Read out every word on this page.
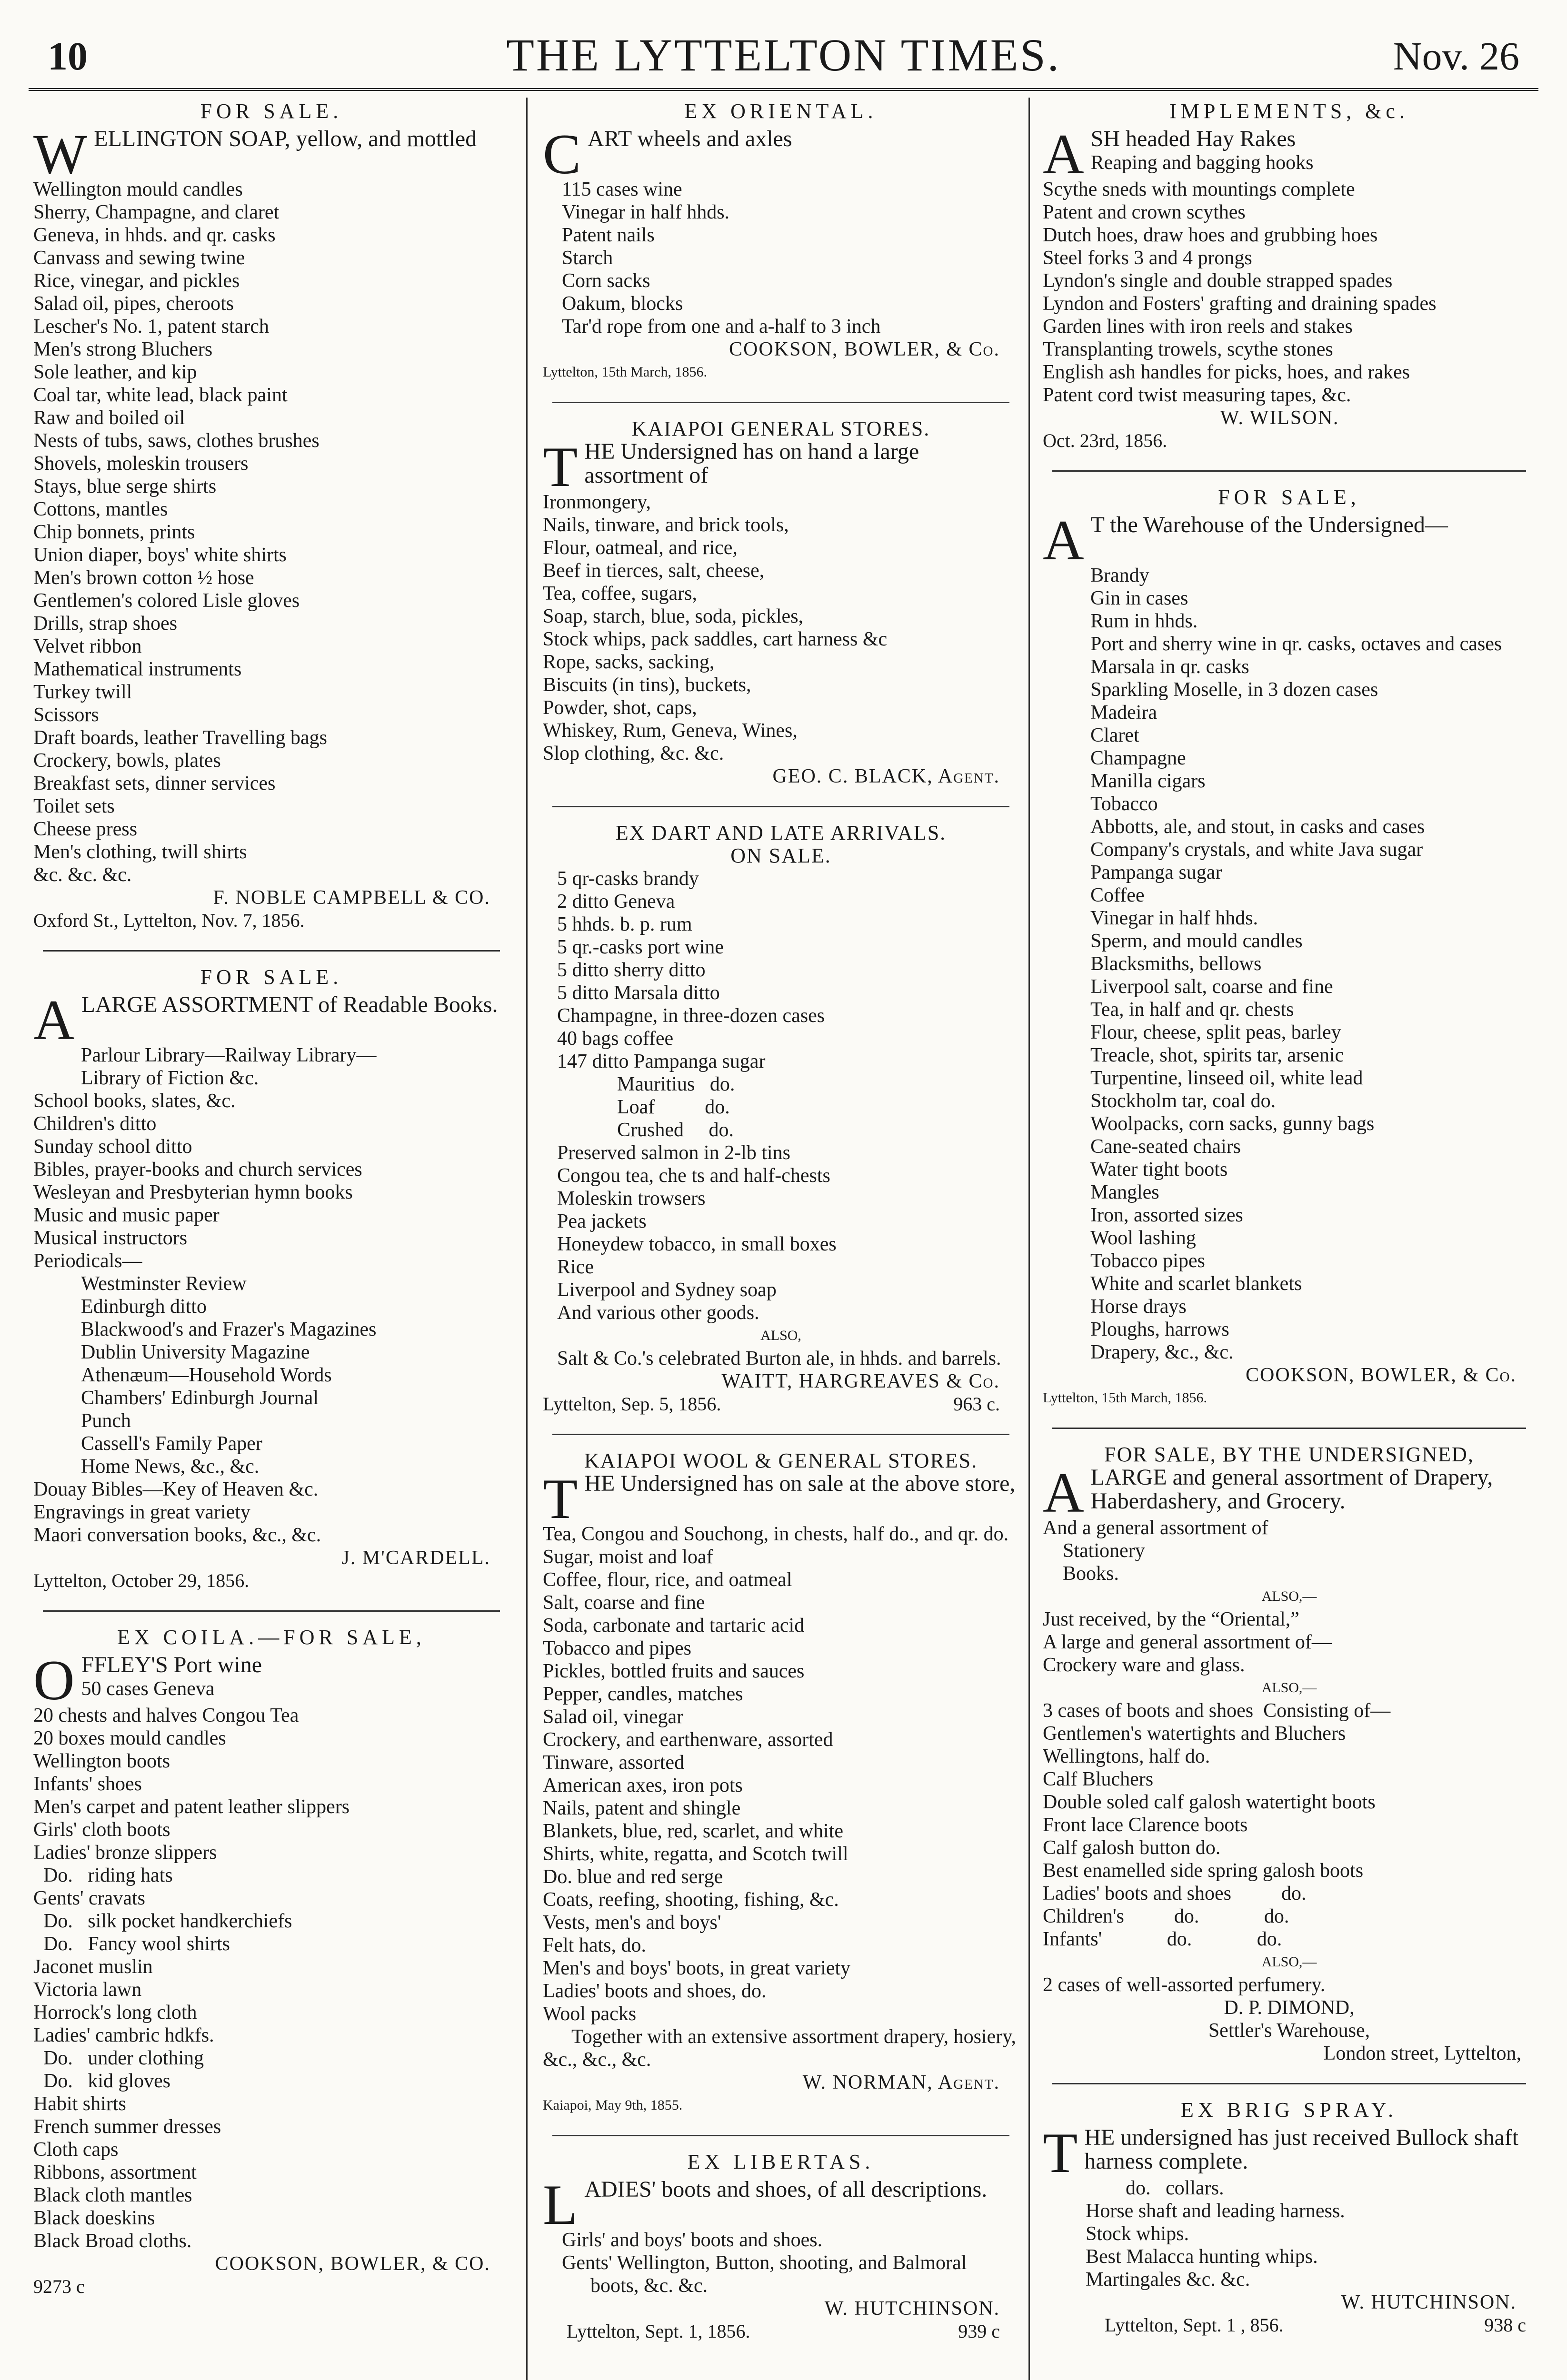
10	THE LYTTELTON TIMES.	Nov. 26
FOR SALE.
W ELLINGTON SOAP, yellow, and mottled
Wellington mould candles
Sherry, Champagne, and claret
Geneva, in hhds. and qr. casks
Canvass and sewing twine
Rice, vinegar, and pickles
Salad oil, pipes, cheroots
Lescher's No. 1, patent starch
Men's strong Bluchers
Sole leather, and kip
Coal tar, white lead, black paint
Raw and boiled oil
Nests of tubs, saws, clothes brushes
Shovels, moleskin trousers
Stays, blue serge shirts
Cottons, mantles
Chip bonnets, prints
Union diaper, boys' white shirts
Men's brown cotton ½ hose
Gentlemen's colored Lisle gloves
Drills, strap shoes
Velvet ribbon
Mathematical instruments
Turkey twill
Scissors
Draft boards, leather Travelling bags
Crockery, bowls, plates
Breakfast sets, dinner services
Toilet sets
Cheese press
Men's clothing, twill shirts
&c. &c. &c.

F. NOBLE CAMPBELL & CO.

Oxford St., Lyttelton, Nov. 7, 1856.

FOR SALE.
A LARGE ASSORTMENT of Readable Books.

Parlour Library—Railway Library—

Library of Fiction &c.

School books, slates, &c.
Children's ditto
Sunday school ditto
Bibles, prayer-books and church services
Wesleyan and Presbyterian hymn books
Music and music paper
Musical instructors
Periodicals—
Westminster Review
Edinburgh ditto
Blackwood's and Frazer's Magazines
Dublin University Magazine
Athenæum—Household Words
Chambers' Edinburgh Journal
Punch
Cassell's Family Paper
Home News, &c., &c.
Douay Bibles—Key of Heaven &c.
Engravings in great variety
Maori conversation books, &c., &c.

J. M'CARDELL.

Lyttelton, October 29, 1856.

EX COILA.—FOR SALE,
O FFLEY'S Port wine

50 cases Geneva

20 chests and halves Congou Tea
20 boxes mould candles
Wellington boots
Infants' shoes
Men's carpet and patent leather slippers
Girls' cloth boots
Ladies' bronze slippers
Do.   riding hats
Gents' cravats
Do.   silk pocket handkerchiefs
Do.   Fancy wool shirts
Jaconet muslin
Victoria lawn
Horrock's long cloth
Ladies' cambric hdkfs.
Do.   under clothing
Do.   kid gloves
Habit shirts
French summer dresses
Cloth caps
Ribbons, assortment
Black cloth mantles
Black doeskins
Black Broad cloths.

COOKSON, BOWLER, & CO.

9273 c

EX ORIENTAL.
C ART wheels and axles
115 cases wine
Vinegar in half hhds.
Patent nails
Starch
Corn sacks
Oakum, blocks
Tar'd rope from one and a-half to 3 inch

COOKSON, BOWLER, & Co.

Lyttelton, 15th March, 1856.

KAIAPOI GENERAL STORES.
T HE Undersigned has on hand a large assortment of
Ironmongery,
Nails, tinware, and brick tools,
Flour, oatmeal, and rice,
Beef in tierces, salt, cheese,
Tea, coffee, sugars,
Soap, starch, blue, soda, pickles,
Stock whips, pack saddles, cart harness &c
Rope, sacks, sacking,
Biscuits (in tins), buckets,
Powder, shot, caps,
Whiskey, Rum, Geneva, Wines,
Slop clothing, &c. &c.

GEO. C. BLACK, Agent.

EX DART AND LATE ARRIVALS.
ON SALE.
5 qr-casks brandy
2 ditto Geneva
5 hhds. b. p. rum
5 qr.-casks port wine
5 ditto sherry ditto
5 ditto Marsala ditto
Champagne, in three-dozen cases
40 bags coffee
147 ditto Pampanga sugar
Mauritius   do.
Loaf          do.
Crushed     do.
Preserved salmon in 2-lb tins
Congou tea, che ts and half-chests
Moleskin trowsers
Pea jackets
Honeydew tobacco, in small boxes
Rice
Liverpool and Sydney soap
And various other goods.

ALSO,

Salt & Co.'s celebrated Burton ale, in hhds. and barrels.

WAITT, HARGREAVES & Co.

Lyttelton, Sep. 5, 1856.	963 c.
KAIAPOI WOOL & GENERAL STORES.
T HE Undersigned has on sale at the above store,
Tea, Congou and Souchong, in chests, half do., and qr. do.
Sugar, moist and loaf
Coffee, flour, rice, and oatmeal
Salt, coarse and fine
Soda, carbonate and tartaric acid
Tobacco and pipes
Pickles, bottled fruits and sauces
Pepper, candles, matches
Salad oil, vinegar
Crockery, and earthenware, assorted
Tinware, assorted
American axes, iron pots
Nails, patent and shingle
Blankets, blue, red, scarlet, and white
Shirts, white, regatta, and Scotch twill
Do. blue and red serge
Coats, reefing, shooting, fishing, &c.
Vests, men's and boys'
Felt hats, do.
Men's and boys' boots, in great variety
Ladies' boots and shoes, do.
Wool packs

Together with an extensive assortment drapery, hosiery, &c., &c., &c.

W. NORMAN, Agent.

Kaiapoi, May 9th, 1855.

EX LIBERTAS.
L ADIES' boots and shoes, of all descriptions.
Girls' and boys' boots and shoes.
Gents' Wellington, Button, shooting, and Balmoral boots, &c. &c.

W. HUTCHINSON.

Lyttelton, Sept. 1, 1856.	939 c
IMPLEMENTS, &c.
A SH headed Hay Rakes

Reaping and bagging hooks

Scythe sneds with mountings complete
Patent and crown scythes
Dutch hoes, draw hoes and grubbing hoes
Steel forks 3 and 4 prongs
Lyndon's single and double strapped spades
Lyndon and Fosters' grafting and draining spades
Garden lines with iron reels and stakes
Transplanting trowels, scythe stones
English ash handles for picks, hoes, and rakes
Patent cord twist measuring tapes, &c.

W. WILSON.

Oct. 23rd, 1856.

FOR SALE,
A T the Warehouse of the Undersigned—
Brandy
Gin in cases
Rum in hhds.
Port and sherry wine in qr. casks, octaves and cases
Marsala in qr. casks
Sparkling Moselle, in 3 dozen cases
Madeira
Claret
Champagne
Manilla cigars
Tobacco
Abbotts, ale, and stout, in casks and cases
Company's crystals, and white Java sugar
Pampanga sugar
Coffee
Vinegar in half hhds.
Sperm, and mould candles
Blacksmiths, bellows
Liverpool salt, coarse and fine
Tea, in half and qr. chests
Flour, cheese, split peas, barley
Treacle, shot, spirits tar, arsenic
Turpentine, linseed oil, white lead
Stockholm tar, coal do.
Woolpacks, corn sacks, gunny bags
Cane-seated chairs
Water tight boots
Mangles
Iron, assorted sizes
Wool lashing
Tobacco pipes
White and scarlet blankets
Horse drays
Ploughs, harrows
Drapery, &c., &c.

COOKSON, BOWLER, & Co.

Lyttelton, 15th March, 1856.

FOR SALE, BY THE UNDERSIGNED,
A LARGE and general assortment of Drapery, Haberdashery, and Grocery.
And a general assortment of
Stationery
Books.

ALSO,—

Just received, by the “Oriental,”
A large and general assortment of—
Crockery ware and glass.

ALSO,—

3 cases of boots and shoes  Consisting of—
Gentlemen's watertights and Bluchers
Wellingtons, half do.
Calf Bluchers
Double soled calf galosh watertight boots
Front lace Clarence boots
Calf galosh button do.
Best enamelled side spring galosh boots
Ladies' boots and shoes          do.
Children's          do.             do.
Infants'             do.             do.

ALSO,—

2 cases of well-assorted perfumery.

D. P. DIMOND,

Settler's Warehouse,

London street, Lyttelton,

EX BRIG SPRAY.
T HE undersigned has just received Bullock shaft harness complete.
do.   collars.
Horse shaft and leading harness.
Stock whips.
Best Malacca hunting whips.
Martingales &c. &c.

W. HUTCHINSON.

Lyttelton, Sept. 1 , 856.	938 c
